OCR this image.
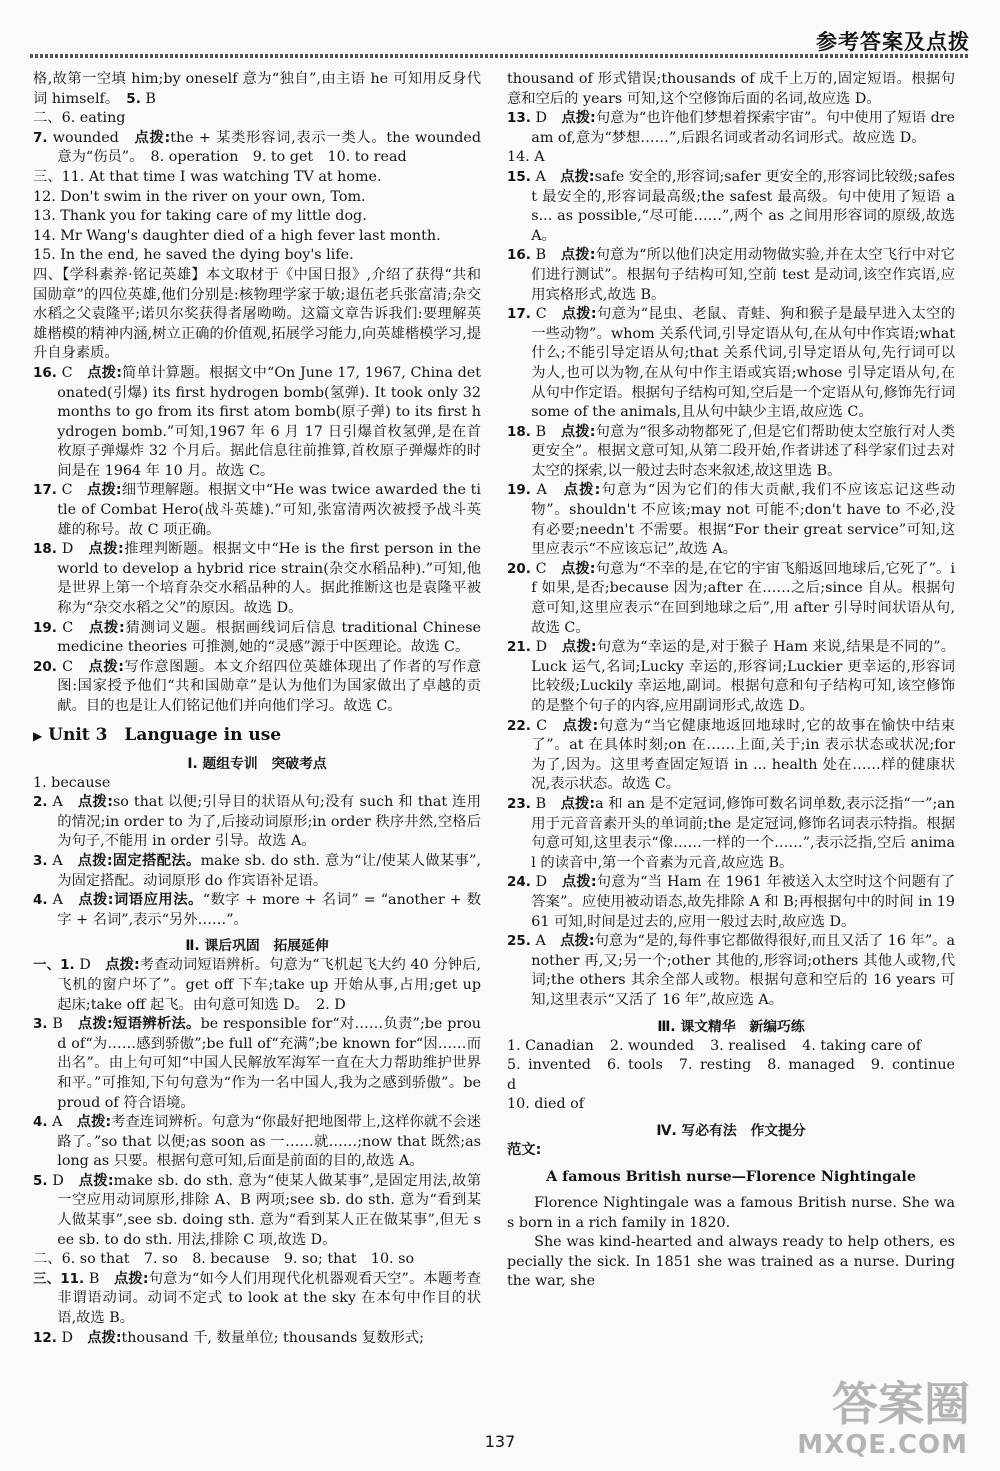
参考答案及点拨

格,故第一空填 him;by oneself 意为“独自”,由主语 he 可知用反身代词 himself。　 5. B

二、6. eating

7. wounded　 点拨:the + 某类形容词,表示一类人。the wounded 意为“伤员”。　 8. operation　9. to get　10. to read

三、11. At that time I was watching TV at home.

12. Don't swim in the river on your own, Tom.

13. Thank you for taking care of my little dog.

14. Mr Wang's daughter died of a high fever last month.

15. In the end, he saved the dying boy's life.

四、【学科素养·铭记英雄】本文取材于《中国日报》,介绍了获得“共和国勋章”的四位英雄,他们分别是:核物理学家于敏;退伍老兵张富清;杂交水稻之父袁隆平;诺贝尔奖获得者屠呦呦。这篇文章告诉我们:要理解英雄楷模的精神内涵,树立正确的价值观,拓展学习能力,向英雄楷模学习,提升自身素质。

16. C　 点拨:简单计算题。根据文中“On June 17, 1967, China detonated(引爆) its first hydrogen bomb(氢弹). It took only 32 months to go from its first atom bomb(原子弹) to its first hydrogen bomb.”可知,1967 年 6 月 17 日引爆首枚氢弹,是在首枚原子弹爆炸 32 个月后。据此信息往前推算,首枚原子弹爆炸的时间是在 1964 年 10 月。故选 C。

17. C　 点拨:细节理解题。根据文中“He was twice awarded the title of Combat Hero(战斗英雄).”可知,张富清两次被授予战斗英雄的称号。故 C 项正确。

18. D　 点拨:推理判断题。根据文中“He is the first person in the world to develop a hybrid rice strain(杂交水稻品种).”可知,他是世界上第一个培育杂交水稻品种的人。据此推断这也是袁隆平被称为“杂交水稻之父”的原因。故选 D。

19. C　 点拨:猜测词义题。根据画线词后信息 traditional Chinese medicine theories 可推测,她的“灵感”源于中医理论。故选 C。

20. C　 点拨:写作意图题。本文介绍四位英雄体现出了作者的写作意图:国家授予他们“共和国勋章”是认为他们为国家做出了卓越的贡献。目的也是让人们铭记他们并向他们学习。故选 C。

▶ Unit 3　Language in use
Ⅰ. 题组专训　突破考点

1. because

2. A　 点拨:so that 以便;引导目的状语从句;没有 such 和 that 连用的情况;in order to 为了,后接动词原形;in order 秩序井然,空格后为句子,不能用 in order 引导。故选 A。

3. A　 点拨:固定搭配法。make sb. do sth. 意为“让/使某人做某事”,为固定搭配。动词原形 do 作宾语补足语。

4. A　 点拨:词语应用法。“数字 + more + 名词” = “another + 数字 + 名词”,表示“另外……”。

Ⅱ. 课后巩固　拓展延伸

一、1. D　 点拨:考查动词短语辨析。句意为“飞机起飞大约 40 分钟后,飞机的窗户坏了”。get off 下车;take up 开始从事,占用;get up 起床;take off 起飞。由句意可知选 D。　 2. D

3. B　 点拨:短语辨析法。be responsible for“对……负责”;be proud of“为……感到骄傲”;be full of“充满”;be known for“因……而出名”。由上句可知“中国人民解放军海军一直在大力帮助维护世界和平。”可推知,下句句意为“作为一名中国人,我为之感到骄傲”。be proud of 符合语境。

4. A　 点拨:考查连词辨析。句意为“你最好把地图带上,这样你就不会迷路了。”so that 以便;as soon as 一……就……;now that 既然;as long as 只要。根据句意可知,后面是前面的目的,故选 A。

5. D　 点拨:make sb. do sth. 意为“使某人做某事”,是固定用法,故第一空应用动词原形,排除 A、B 两项;see sb. do sth. 意为“看到某人做某事”,see sb. doing sth. 意为“看到某人正在做某事”,但无 see sb. to do sth. 用法,排除 C 项,故选 D。

二、6. so that　7. so　8. because　9. so; that　10. so

三、11. B　 点拨:句意为“如今人们用现代化机器观看天空”。本题考查非谓语动词。动词不定式 to look at the sky 在本句中作目的状语,故选 B。

12. D　 点拨:thousand 千, 数量单位; thousands 复数形式;

thousand of 形式错误;thousands of 成千上万的,固定短语。根据句意和空后的 years 可知,这个空修饰后面的名词,故应选 D。

13. D　 点拨:句意为“也许他们梦想着探索宇宙”。句中使用了短语 dream of,意为“梦想……”,后跟名词或者动名词形式。故应选 D。

14. A

15. A　 点拨:safe 安全的,形容词;safer 更安全的,形容词比较级;safest 最安全的,形容词最高级;the safest 最高级。句中使用了短语 as... as possible,“尽可能……”,两个 as 之间用形容词的原级,故选 A。

16. B　 点拨:句意为“所以他们决定用动物做实验,并在太空飞行中对它们进行测试”。根据句子结构可知,空前 test 是动词,该空作宾语,应用宾格形式,故选 B。

17. C　 点拨:句意为“昆虫、老鼠、青蛙、狗和猴子是最早进入太空的一些动物”。whom 关系代词,引导定语从句,在从句中作宾语;what 什么;不能引导定语从句;that 关系代词,引导定语从句,先行词可以为人,也可以为物,在从句中作主语或宾语;whose 引导定语从句,在从句中作定语。根据句子结构可知,空后是一个定语从句,修饰先行词 some of the animals,且从句中缺少主语,故应选 C。

18. B　 点拨:句意为“很多动物都死了,但是它们帮助使太空旅行对人类更安全”。根据文意可知,从第二段开始,作者讲述了科学家们过去对太空的探索,以一般过去时态来叙述,故这里选 B。

19. A　 点拨:句意为“因为它们的伟大贡献,我们不应该忘记这些动物”。shouldn't 不应该;may not 可能不;don't have to 不必,没有必要;needn't 不需要。根据“For their great service”可知,这里应表示“不应该忘记”,故选 A。

20. C　 点拨:句意为“不幸的是,在它的宇宙飞船返回地球后,它死了”。if 如果,是否;because 因为;after 在……之后;since 自从。根据句意可知,这里应表示“在回到地球之后”,用 after 引导时间状语从句,故选 C。

21. D　 点拨:句意为“幸运的是,对于猴子 Ham 来说,结果是不同的”。Luck 运气,名词;Lucky 幸运的,形容词;Luckier 更幸运的,形容词比较级;Luckily 幸运地,副词。根据句意和句子结构可知,该空修饰的是整个句子的内容,应用副词形式,故选 D。

22. C　 点拨:句意为“当它健康地返回地球时,它的故事在愉快中结束了”。at 在具体时刻;on 在……上面,关于;in 表示状态或状况;for 为了,因为。这里考查固定短语 in ... health 处在……样的健康状况,表示状态。故选 C。

23. B　 点拨:a 和 an 是不定冠词,修饰可数名词单数,表示泛指“一”;an 用于元音音素开头的单词前;the 是定冠词,修饰名词表示特指。根据句意可知,这里表示“像……一样的一个……”,表示泛指,空后 animal 的读音中,第一个音素为元音,故应选 B。

24. D　 点拨:句意为“当 Ham 在 1961 年被送入太空时这个问题有了答案”。应使用被动语态,故先排除 A 和 B;再根据句中的时间 in 1961 可知,时间是过去的,应用一般过去时,故应选 D。

25. A　 点拨:句意为“是的,每件事它都做得很好,而且又活了 16 年”。another 再,又;另一个;other 其他的,形容词;others 其他人或物,代词;the others 其余全部人或物。根据句意和空后的 16 years 可知,这里表示“又活了 16 年”,故应选 A。

Ⅲ. 课文精华　新编巧练

1. Canadian 2. wounded 3. realised 4. taking care of

5. invented 6. tools 7. resting 8. managed 9. continued

10. died of

Ⅳ. 写必有法　作文提分

范文:

A famous British nurse—Florence Nightingale

Florence Nightingale was a famous British nurse. She was born in a rich family in 1820.

She was kind-hearted and always ready to help others, especially the sick. In 1851 she was trained as a nurse. During the war, she

137
答案圈
MXQE.COM
